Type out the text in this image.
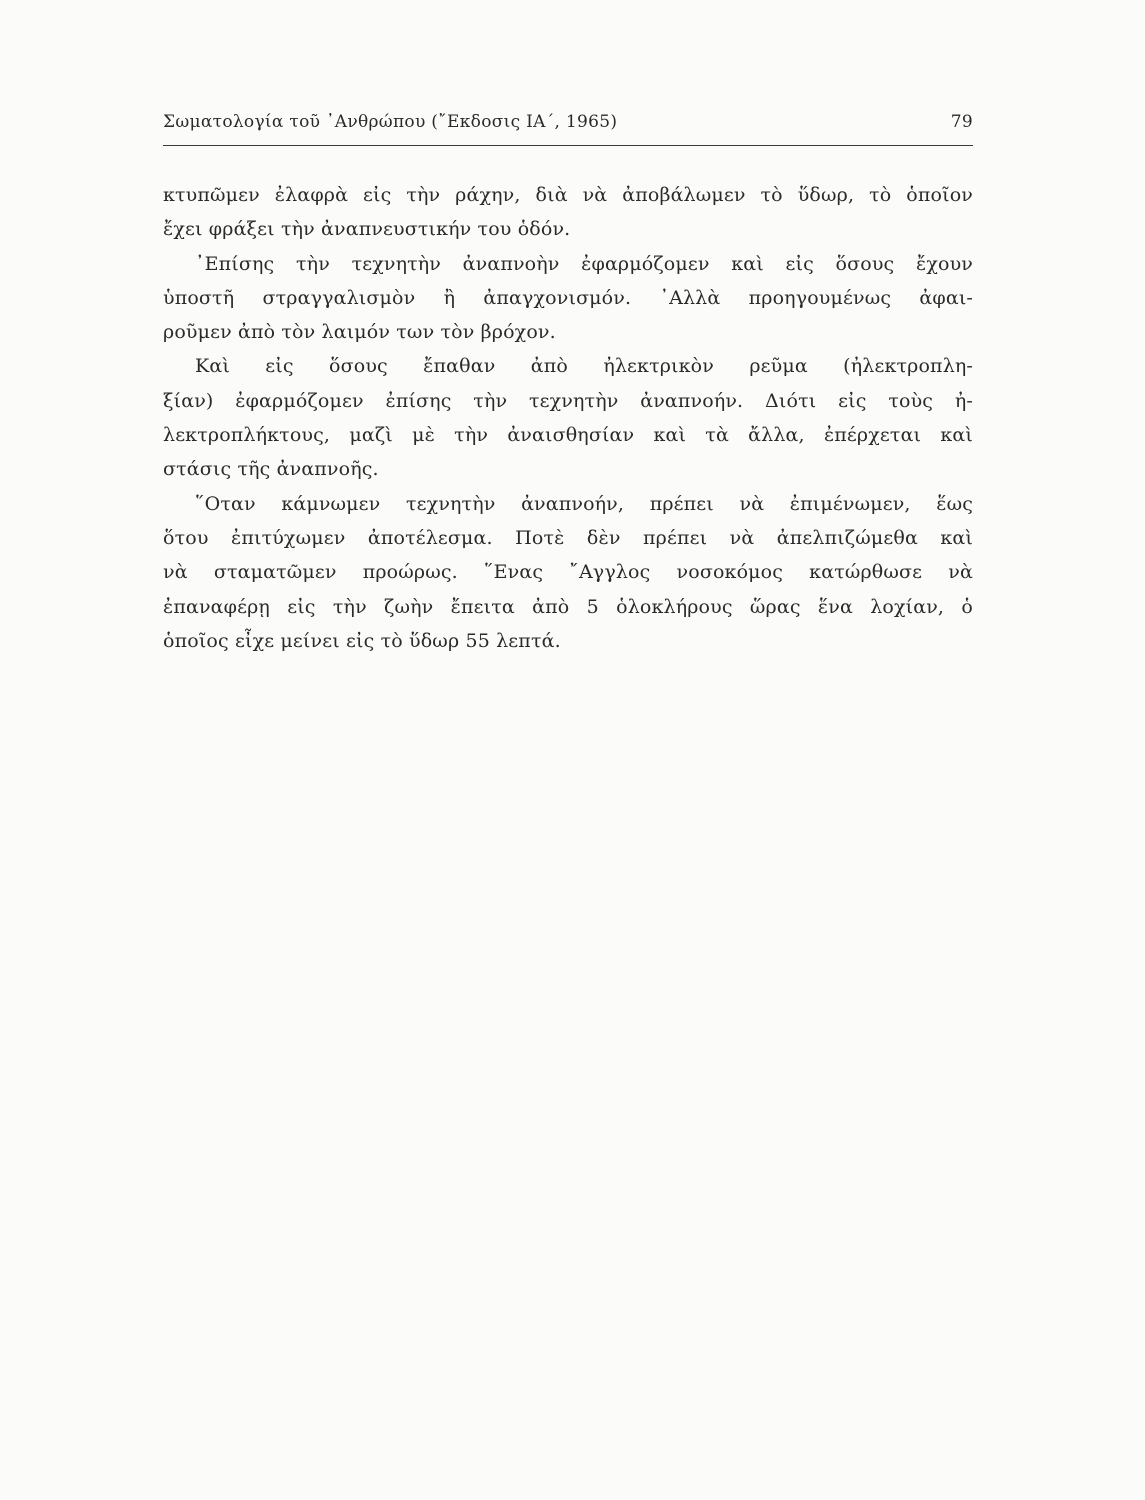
Σωματολογία τοῦ ᾿Ανθρώπου (῎Εκδοσις ΙΑ΄, 1965)	79
κτυπῶμεν ἐλαφρὰ εἰς τὴν ράχην, διὰ νὰ ἀποβάλωμεν τὸ ὕδωρ, τὸ ὁποῖον
ἔχει φράξει τὴν ἀναπνευστικήν του ὁδόν.
᾿Επίσης τὴν τεχνητὴν ἀναπνοὴν ἐφαρμόζομεν καὶ εἰς ὅσους ἔχουν
ὑποστῆ στραγγαλισμὸν ἢ ἀπαγχονισμόν. ᾿Αλλὰ προηγουμένως ἀφαι-
ροῦμεν ἀπὸ τὸν λαιμόν των τὸν βρόχον.
Καὶ εἰς ὅσους ἔπαθαν ἀπὸ ἠλεκτρικὸν ρεῦμα (ἠλεκτροπλη-
ξίαν) ἐφαρμόζομεν ἐπίσης τὴν τεχνητὴν ἀναπνοήν. Διότι εἰς τοὺς ἠ-
λεκτροπλήκτους, μαζὶ μὲ τὴν ἀναισθησίαν καὶ τὰ ἄλλα, ἐπέρχεται καὶ
στάσις τῆς ἀναπνοῆς.
῞Οταν κάμνωμεν τεχνητὴν ἀναπνοήν, πρέπει νὰ ἐπιμένωμεν, ἕως
ὅτου ἐπιτύχωμεν ἀποτέλεσμα. Ποτὲ δὲν πρέπει νὰ ἀπελπιζώμεθα καὶ
νὰ σταματῶμεν προώρως. ῞Ενας ῎Αγγλος νοσοκόμος κατώρθωσε νὰ
ἐπαναφέρῃ εἰς τὴν ζωὴν ἔπειτα ἀπὸ 5 ὁλοκλήρους ὥρας ἕνα λοχίαν, ὁ
ὁποῖος εἶχε μείνει εἰς τὸ ὕδωρ 55 λεπτά.
